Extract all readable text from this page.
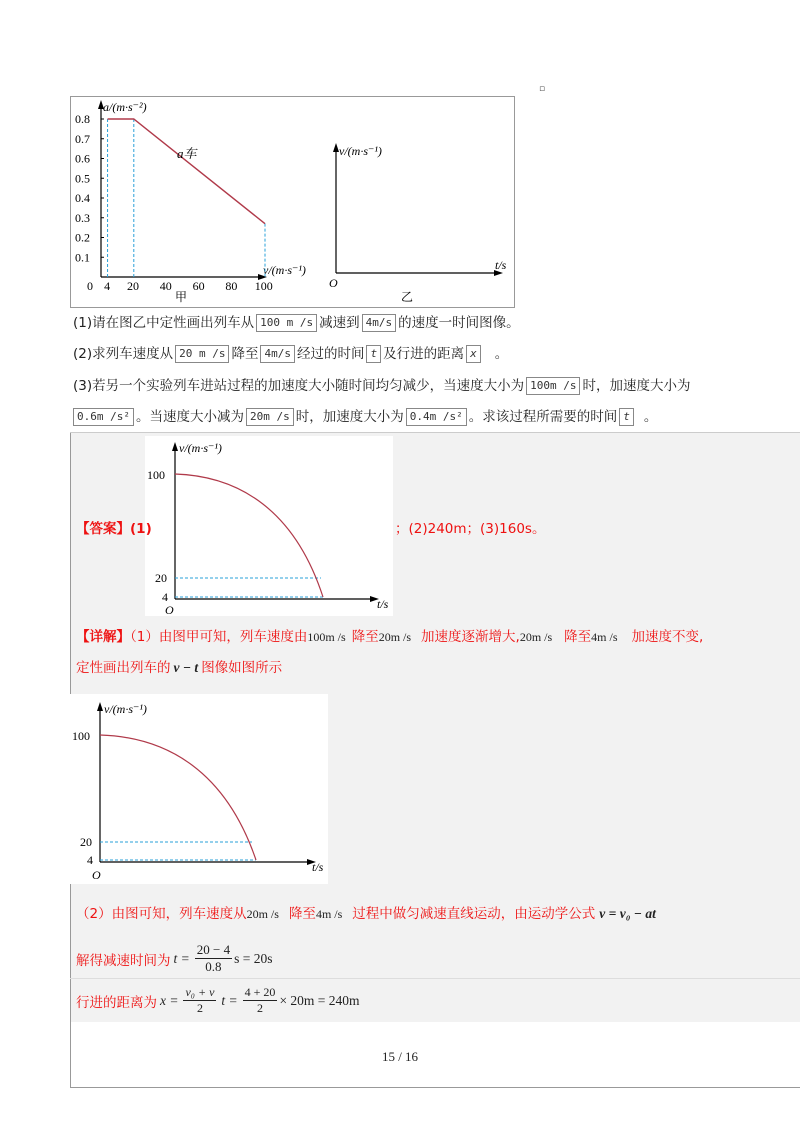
▫
a/(m·s⁻²)
v/(m·s⁻¹)
0.8
0.7
0.6
0.5
0.4
0.3
0.2
0.1
0 4 20 40 60 80 100
a车
甲
v/(m·s⁻¹)
t/s
O
乙
(1)请在图乙中定性画出列车从 100 m /s 减速到 4m/s 的速度一时间图像。
(2)求列车速度从 20 m /s 降至 4m/s 经过的时间 t 及行进的距离 x 。
(3)若另一个实验列车进站过程的加速度大小随时间均匀减少，当速度大小为 100m /s 时，加速度大小为
0.6m /s² 。当速度大小减为 20m /s 时，加速度大小为 0.4m /s² 。求该过程所需要的时间 t 。
v/(m·s⁻¹)
t/s
O
100
20
4
【答案】(1)	；(2)240m；(3)160s。
【详解】（1）由图甲可知，列车速度由100m /s 降至20m /s 加速度逐渐增大,20m /s 降至4m /s 加速度不变,
定性画出列车的 v − t 图像如图所示
v/(m·s⁻¹)
t/s
O
100
20
4
（2）由图可知，列车速度从20m /s 降至4m /s 过程中做匀减速直线运动，由运动学公式 v = v₀ − at
解得减速时间为 $t = \frac{20 - 4}{0.8}$ s = 20s
行进的距离为 $x = \frac{\text{v₀ + v}}{2}$ $t = \frac{4 + 20}{2} \times 20m = 240m$
15 / 16
